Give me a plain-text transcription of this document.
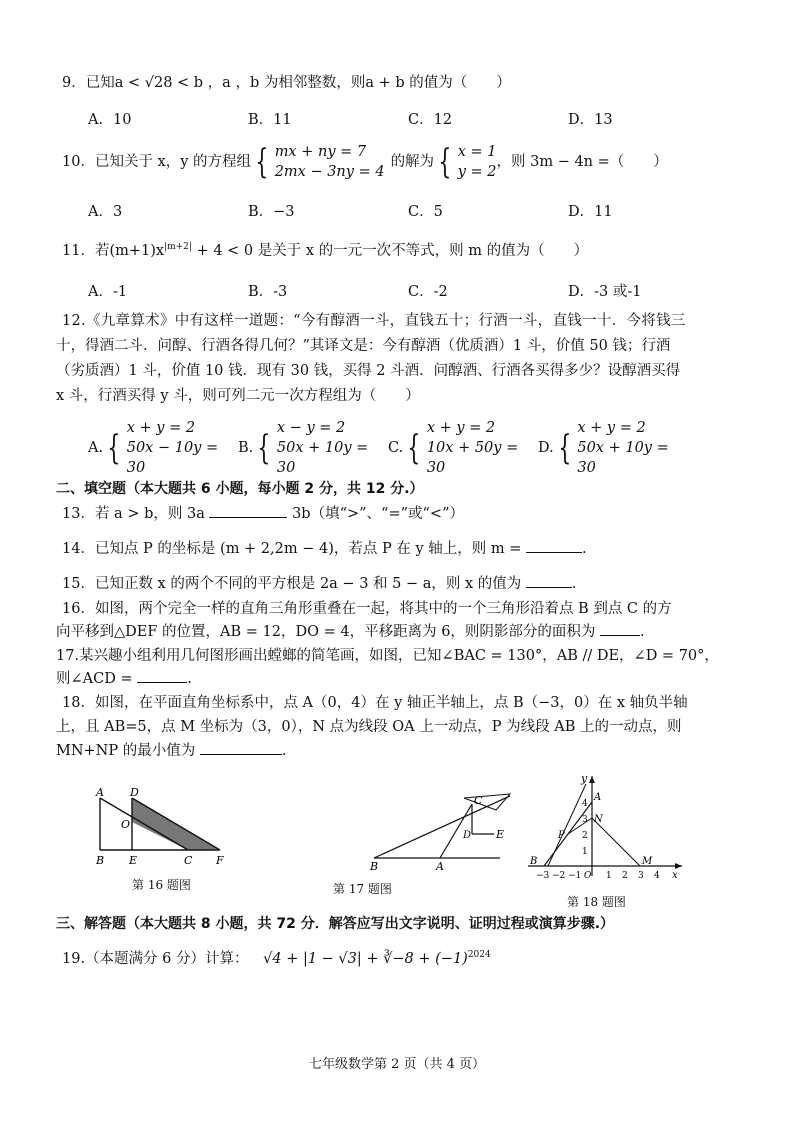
9．已知a < √28 < b ，a ，b 为相邻整数，则a + b 的值为（　　）
A．10	B．11	C．12	D．13
10．已知关于 x，y 的方程组 { mx + ny = 7
2mx − 3ny = 4
的解为 { x = 1
y = 2
，则 3m − 4n =（　　）
A．3	B．−3	C．5	D．11
11．若$(m+1)x^{|m+2|} + 4 < 0$ 是关于 x 的一元一次不等式，则 m 的值为（　　）
A．-1	B．-3	C．-2	D．-3 或-1
12.《九章算术》中有这样一道题：“今有醇酒一斗，直钱五十；行酒一斗，直钱一十．今将钱三
十，得酒二斗．问醇、行酒各得几何？”其译文是：今有醇酒（优质酒）1 斗，价值 50 钱；行酒
（劣质酒）1 斗，价值 10 钱．现有 30 钱，买得 2 斗酒．问醇酒、行酒各买得多少？设醇酒买得
x 斗，行酒买得 y 斗，则可列二元一次方程组为（　　）
A. { x + y = 2
50x − 10y = 30
B. { x − y = 2
50x + 10y = 30
C. { x + y = 2
10x + 50y = 30
D. { x + y = 2
50x + 10y = 30
二、填空题（本大题共 6 小题，每小题 2 分，共 12 分.）
13．若 a > b，则 3a	3b（填“>”、“=”或“<”）
14．已知点 P 的坐标是 (m + 2,2m − 4)，若点 P 在 y 轴上，则 m =	.
15．已知正数 x 的两个不同的平方根是 2a − 3 和 5 − a，则 x 的值为	.
16．如图，两个完全一样的直角三角形重叠在一起，将其中的一个三角形沿着点 B 到点 C 的方
向平移到△DEF 的位置，AB = 12，DO = 4，平移距离为 6，则阴影部分的面积为	.
17.某兴趣小组利用几何图形画出螳螂的简笔画，如图，已知∠BAC = 130°，AB // DE，∠D = 70°，
则∠ACD =	.
18．如图，在平面直角坐标系中，点 A（0，4）在 y 轴正半轴上，点 B（−3，0）在 x 轴负半轴
上，且 AB=5，点 M 坐标为（3，0），N 点为线段 OA 上一动点，P 为线段 AB 上的一动点，则
MN+NP 的最小值为	.
A D
O
B E	C F
第 16 题图
C
D E
B	A
第 17 题图
y
A
N
P
B	M
x
−3 −2 −1 O 1 2 3 4
4
3
2
1
第 18 题图
三、解答题（本大题共 8 小题，共 72 分．解答应写出文字说明、证明过程或演算步骤.）
19.（本题满分 6 分）计算： √4 + |1 − √3| + ∛−8 + $(-1)^{2024}$
七年级数学第 2 页（共 4 页）
